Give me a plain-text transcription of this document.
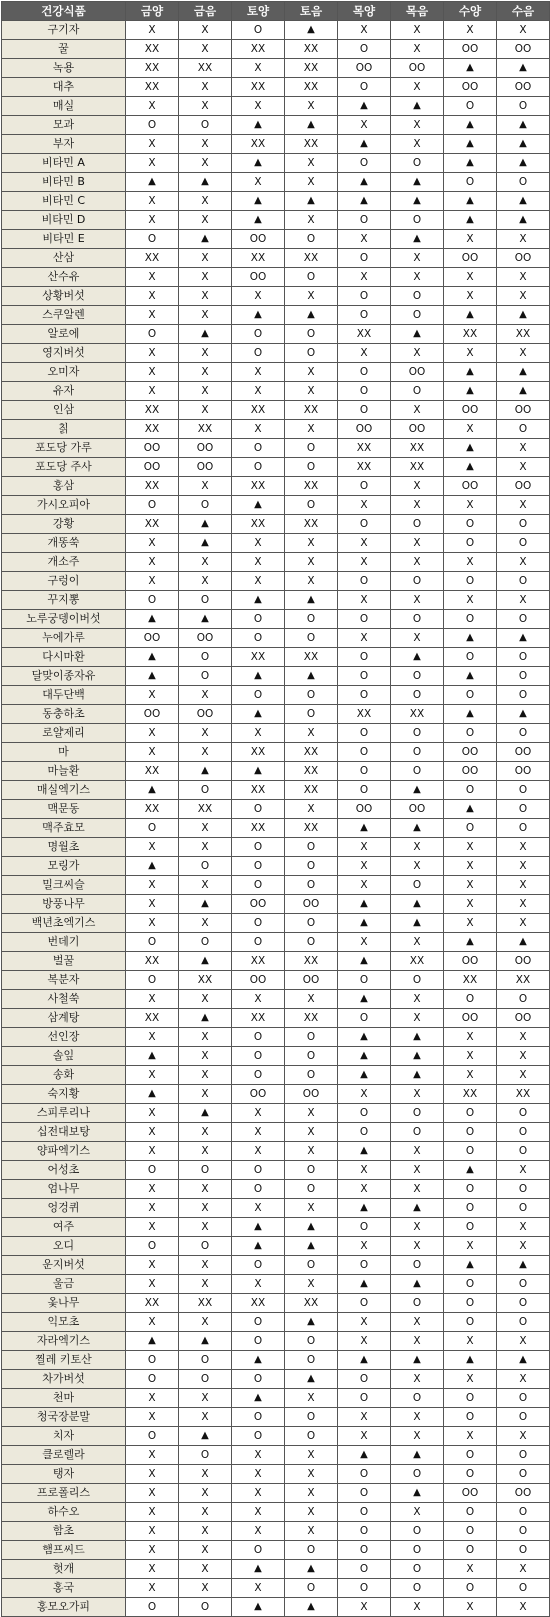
건강식품	금양	금음	토양	토음	목양	목음	수양	수음
구기자	X	X	O	▲	X	X	X	X
꿀	XX	X	XX	XX	O	X	OO	OO
녹용	XX	XX	X	XX	OO	OO	▲	▲
대추	XX	X	XX	XX	O	X	OO	OO
매실	X	X	X	X	▲	▲	O	O
모과	O	O	▲	▲	X	X	▲	▲
부자	X	X	XX	XX	▲	X	▲	▲
비타민 A	X	X	▲	X	O	O	▲	▲
비타민 B	▲	▲	X	X	▲	▲	O	O
비타민 C	X	X	▲	▲	▲	▲	▲	▲
비타민 D	X	X	▲	X	O	O	▲	▲
비타민 E	O	▲	OO	O	X	▲	X	X
산삼	XX	X	XX	XX	O	X	OO	OO
산수유	X	X	OO	O	X	X	X	X
상황버섯	X	X	X	X	O	O	X	X
스쿠알렌	X	X	▲	▲	O	O	▲	▲
알로에	O	▲	O	O	XX	▲	XX	XX
영지버섯	X	X	O	O	X	X	X	X
오미자	X	X	X	X	O	OO	▲	▲
유자	X	X	X	X	O	O	▲	▲
인삼	XX	X	XX	XX	O	X	OO	OO
칡	XX	XX	X	X	OO	OO	X	O
포도당 가루	OO	OO	O	O	XX	XX	▲	X
포도당 주사	OO	OO	O	O	XX	XX	▲	X
홍삼	XX	X	XX	XX	O	X	OO	OO
가시오피아	O	O	▲	O	X	X	X	X
강황	XX	▲	XX	XX	O	O	O	O
개똥쑥	X	▲	X	X	X	X	O	O
개소주	X	X	X	X	X	X	X	X
구렁이	X	X	X	X	O	O	O	O
꾸지뽕	O	O	▲	▲	X	X	X	X
노루궁뎅이버섯	▲	▲	O	O	O	O	O	O
누에가루	OO	OO	O	O	X	X	▲	▲
다시마환	▲	O	XX	XX	O	▲	O	O
달맞이종자유	▲	O	▲	▲	O	O	▲	O
대두단백	X	X	O	O	O	O	O	O
동충하초	OO	OO	▲	O	XX	XX	▲	▲
로얄제리	X	X	X	X	O	O	O	O
마	X	X	XX	XX	O	O	OO	OO
마늘환	XX	▲	▲	XX	O	O	OO	OO
매실엑기스	▲	O	XX	XX	O	▲	O	O
맥문동	XX	XX	O	X	OO	OO	▲	O
맥주효모	O	X	XX	XX	▲	▲	O	O
명월초	X	X	O	O	X	X	X	X
모링가	▲	O	O	O	X	X	X	X
밀크씨슬	X	X	O	O	X	O	X	X
방풍나무	X	▲	OO	OO	▲	▲	X	X
백년초엑기스	X	X	O	O	▲	▲	X	X
번데기	O	O	O	O	X	X	▲	▲
벌꿀	XX	▲	XX	XX	▲	XX	OO	OO
복분자	O	XX	OO	OO	O	O	XX	XX
사철쑥	X	X	X	X	▲	X	O	O
삼계탕	XX	▲	XX	XX	O	X	OO	OO
선인장	X	X	O	O	▲	▲	X	X
솔잎	▲	X	O	O	▲	▲	X	X
송화	X	X	O	O	▲	▲	X	X
숙지황	▲	X	OO	OO	X	X	XX	XX
스피루리나	X	▲	X	X	O	O	O	O
십전대보탕	X	X	X	X	O	O	O	O
양파엑기스	X	X	X	X	▲	X	O	O
어성초	O	O	O	O	X	X	▲	X
엄나무	X	X	O	O	X	X	O	O
엉겅퀴	X	X	X	X	▲	▲	O	O
여주	X	X	▲	▲	O	X	O	X
오디	O	O	▲	▲	X	X	X	X
운지버섯	X	X	O	O	O	O	▲	▲
울금	X	X	X	X	▲	▲	O	O
옻나무	XX	XX	XX	XX	O	O	O	O
익모초	X	X	O	▲	X	X	O	O
자라엑기스	▲	▲	O	O	X	X	X	X
찔레 키토산	O	O	▲	O	▲	▲	▲	▲
차가버섯	O	O	O	▲	O	X	X	X
천마	X	X	▲	X	O	O	O	O
청국장분말	X	X	O	O	X	X	O	O
치자	O	▲	O	O	X	X	X	X
클로렐라	X	O	X	X	▲	▲	O	O
탱자	X	X	X	X	O	O	O	O
프로폴리스	X	X	X	X	O	▲	OO	OO
하수오	X	X	X	X	O	X	O	O
함초	X	X	X	X	O	O	O	O
햄프씨드	X	X	O	O	O	O	O	O
헛개	X	X	▲	▲	O	O	X	X
홍국	X	X	X	O	O	O	O	O
홍모오가피	O	O	▲	▲	X	X	X	X
